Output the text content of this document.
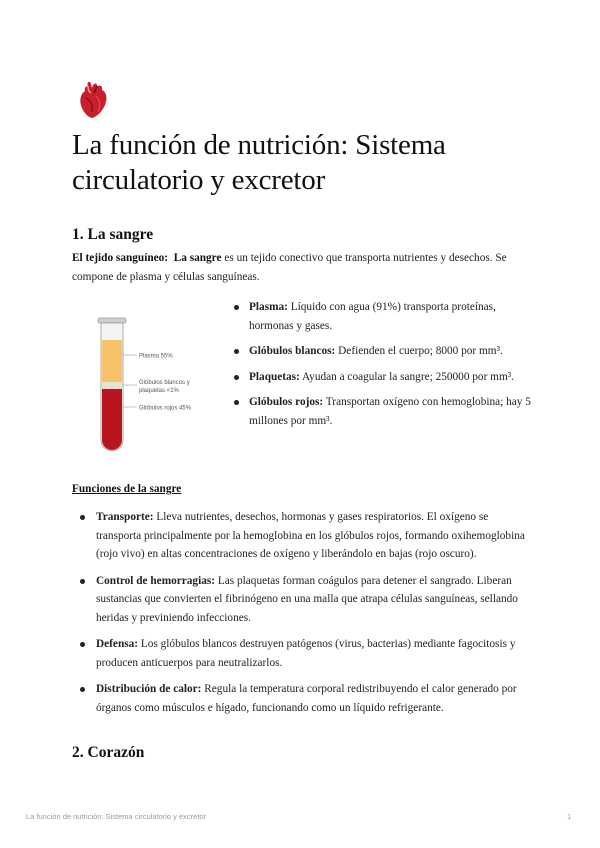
La función de nutrición: Sistema circulatorio y excretor
1. La sangre

El tejido sanguíneo: La sangre es un tejido conectivo que transporta nutrientes y desechos. Se compone de plasma y células sanguíneas.

Plasma 55%
Glóbulos blancos y
plaquetas <1%
Glóbulos rojos 45%
Plasma: Líquido con agua (91%) transporta proteínas, hormonas y gases.
Glóbulos blancos: Defienden el cuerpo; 8000 por mm³.
Plaquetas: Ayudan a coagular la sangre; 250000 por mm³.
Glóbulos rojos: Transportan oxígeno con hemoglobina; hay 5 millones por mm³.

Funciones de la sangre

Transporte: Lleva nutrientes, desechos, hormonas y gases respiratorios. El oxígeno se transporta principalmente por la hemoglobina en los glóbulos rojos, formando oxihemoglobina (rojo vivo) en altas concentraciones de oxígeno y liberándolo en bajas (rojo oscuro).
Control de hemorragias: Las plaquetas forman coágulos para detener el sangrado. Liberan sustancias que convierten el fibrinógeno en una malla que atrapa células sanguíneas, sellando heridas y previniendo infecciones.
Defensa: Los glóbulos blancos destruyen patógenos (virus, bacterias) mediante fagocitosis y producen anticuerpos para neutralizarlos.
Distribución de calor: Regula la temperatura corporal redistribuyendo el calor generado por órganos como músculos e hígado, funcionando como un líquido refrigerante.
2. Corazón
La función de nutrición: Sistema circulatorio y excretor	1
